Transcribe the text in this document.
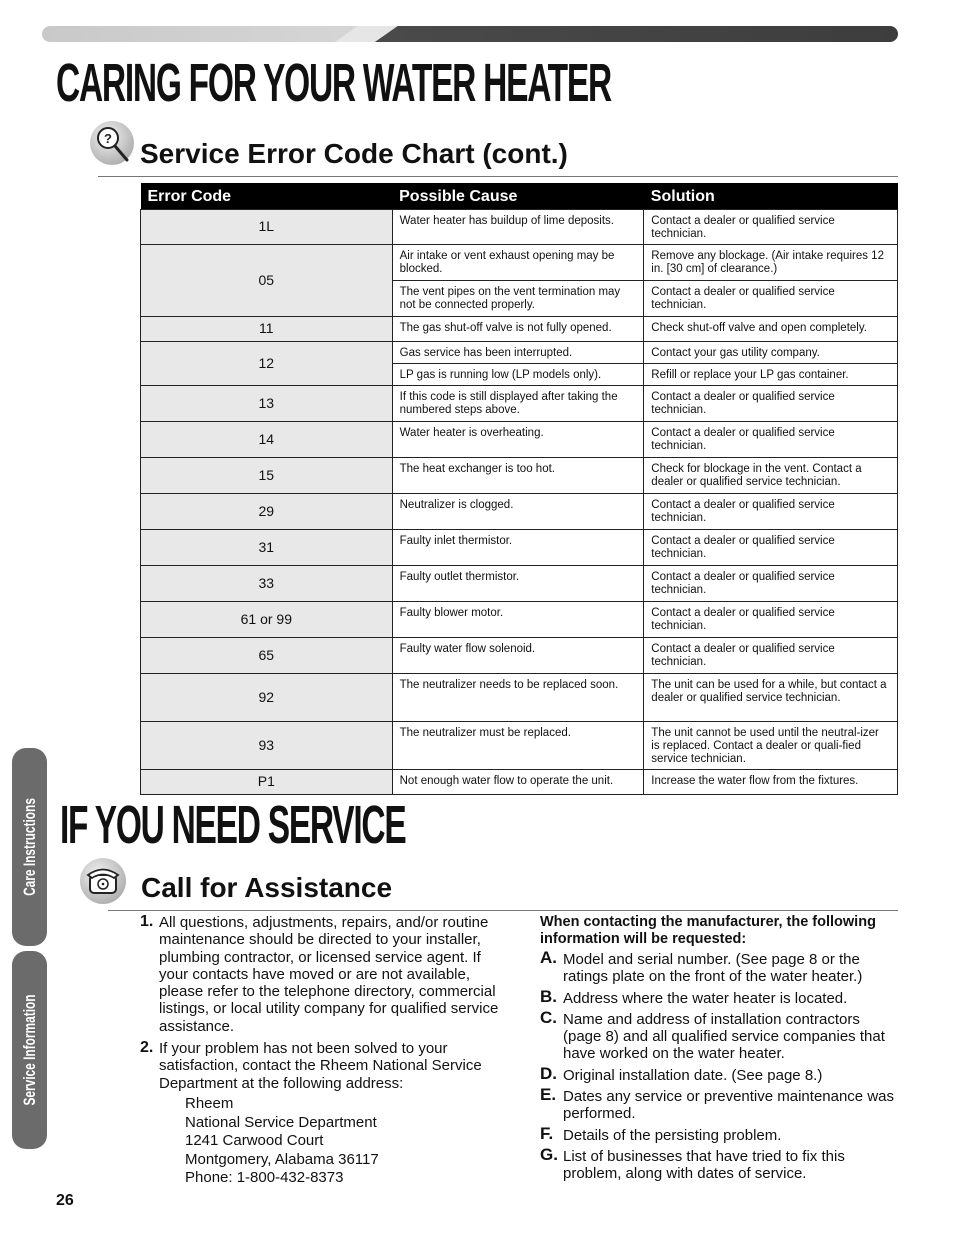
CARING FOR YOUR WATER HEATER
? Service Error Code Chart (cont.)
Error Code	Possible Cause	Solution
1L	Water heater has buildup of lime deposits.	Contact a dealer or qualified service technician.
05	Air intake or vent exhaust opening may be blocked.	Remove any blockage. (Air intake requires 12 in. [30 cm] of clearance.)
	The vent pipes on the vent termination may not be connected properly.	Contact a dealer or qualified service technician.
11	The gas shut-off valve is not fully opened.	Check shut-off valve and open completely.
12	Gas service has been interrupted.	Contact your gas utility company.
	LP gas is running low (LP models only).	Refill or replace your LP gas container.
13	If this code is still displayed after taking the numbered steps above.	Contact a dealer or qualified service technician.
14	Water heater is overheating.	Contact a dealer or qualified service technician.
15	The heat exchanger is too hot.	Check for blockage in the vent. Contact a dealer or qualified service technician.
29	Neutralizer is clogged.	Contact a dealer or qualified service technician.
31	Faulty inlet thermistor.	Contact a dealer or qualified service technician.
33	Faulty outlet thermistor.	Contact a dealer or qualified service technician.
61 or 99	Faulty blower motor.	Contact a dealer or qualified service technician.
65	Faulty water flow solenoid.	Contact a dealer or qualified service technician.
92	The neutralizer needs to be replaced soon.	The unit can be used for a while, but contact a dealer or qualified service technician.
93	The neutralizer must be replaced.	The unit cannot be used until the neutral-izer is replaced. Contact a dealer or quali-fied service technician.
P1	Not enough water flow to operate the unit.	Increase the water flow from the fixtures.
Care Instructions
Service Information
IF YOU NEED SERVICE
Call for Assistance
1. All questions, adjustments, repairs, and/or routine maintenance should be directed to your installer, plumbing contractor, or licensed service agent. If your contacts have moved or are not available, please refer to the telephone directory, commercial listings, or local utility company for qualified service assistance.
2. If your problem has not been solved to your satisfaction, contact the Rheem National Service Department at the following address:
Rheem
National Service Department
1241 Carwood Court
Montgomery, Alabama 36117
Phone: 1-800-432-8373
When contacting the manufacturer, the following information will be requested:
A. Model and serial number. (See page 8 or the ratings plate on the front of the water heater.)
B. Address where the water heater is located.
C. Name and address of installation contractors (page 8) and all qualified service companies that have worked on the water heater.
D. Original installation date. (See page 8.)
E. Dates any service or preventive maintenance was performed.
F. Details of the persisting problem.
G. List of businesses that have tried to fix this problem, along with dates of service.
26
